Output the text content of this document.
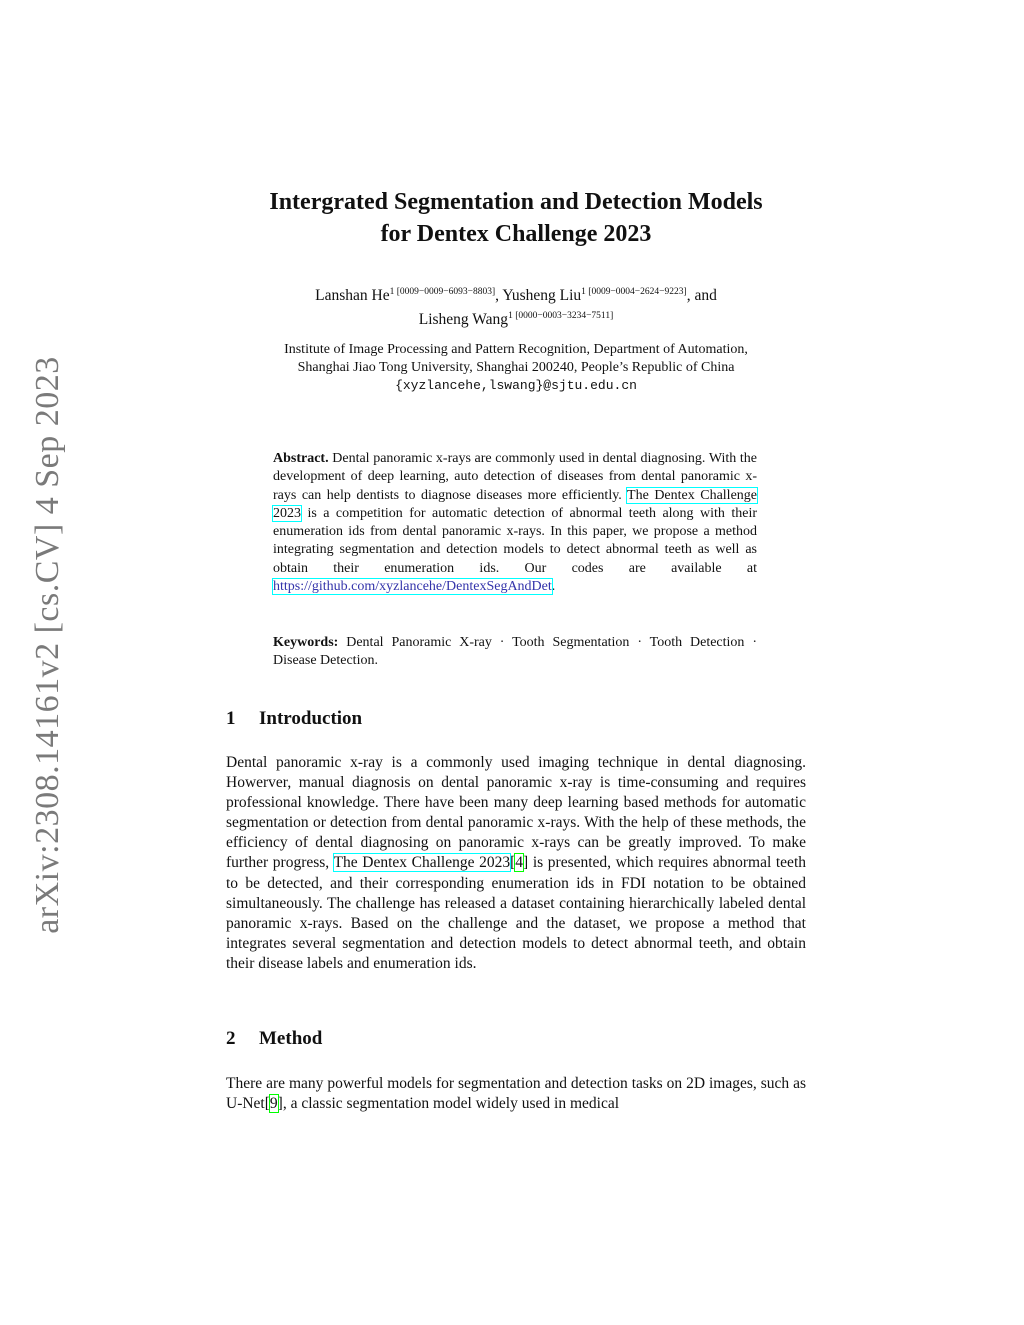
arXiv:2308.14161v2 [cs.CV] 4 Sep 2023
Intergrated Segmentation and Detection Models
for Dentex Challenge 2023
Lanshan $He^{1 [0009-0009-6093-8803]}$, Yusheng Liu$^{1 [0009-0004-2624-9223]}$, and
Lisheng Wang$^{1 [0000-0003-3234-7511]}$
Institute of Image Processing and Pattern Recognition, Department of Automation,
Shanghai Jiao Tong University, Shanghai 200240, People’s Republic of China
{xyzlancehe,lswang}@sjtu.edu.cn
Abstract. Dental panoramic x-rays are commonly used in dental diagnosing. With the development of deep learning, auto detection of diseases from dental panoramic x-rays can help dentists to diagnose diseases more efficiently. The Dentex Challenge 2023 is a competition for automatic detection of abnormal teeth along with their enumeration ids from dental panoramic x-rays. In this paper, we propose a method integrating segmentation and detection models to detect abnormal teeth as well as obtain their enumeration ids. Our codes are available at https://github.com/xyzlancehe/DentexSegAndDet.
Keywords: Dental Panoramic X-ray · Tooth Segmentation · Tooth Detection · Disease Detection.
1 Introduction
Dental panoramic x-ray is a commonly used imaging technique in dental diagnosing. Howerver, manual diagnosis on dental panoramic x-ray is time-consuming and requires professional knowledge. There have been many deep learning based methods for automatic segmentation or detection from dental panoramic x-rays. With the help of these methods, the efficiency of dental diagnosing on panoramic x-rays can be greatly improved. To make further progress, The Dentex Challenge 2023[4] is presented, which requires abnormal teeth to be detected, and their corresponding enumeration ids in FDI notation to be obtained simultaneously. The challenge has released a dataset containing hierarchically labeled dental panoramic x-rays. Based on the challenge and the dataset, we propose a method that integrates several segmentation and detection models to detect abnormal teeth, and obtain their disease labels and enumeration ids.
2 Method
There are many powerful models for segmentation and detection tasks on 2D images, such as U-Net[9], a classic segmentation model widely used in medical
